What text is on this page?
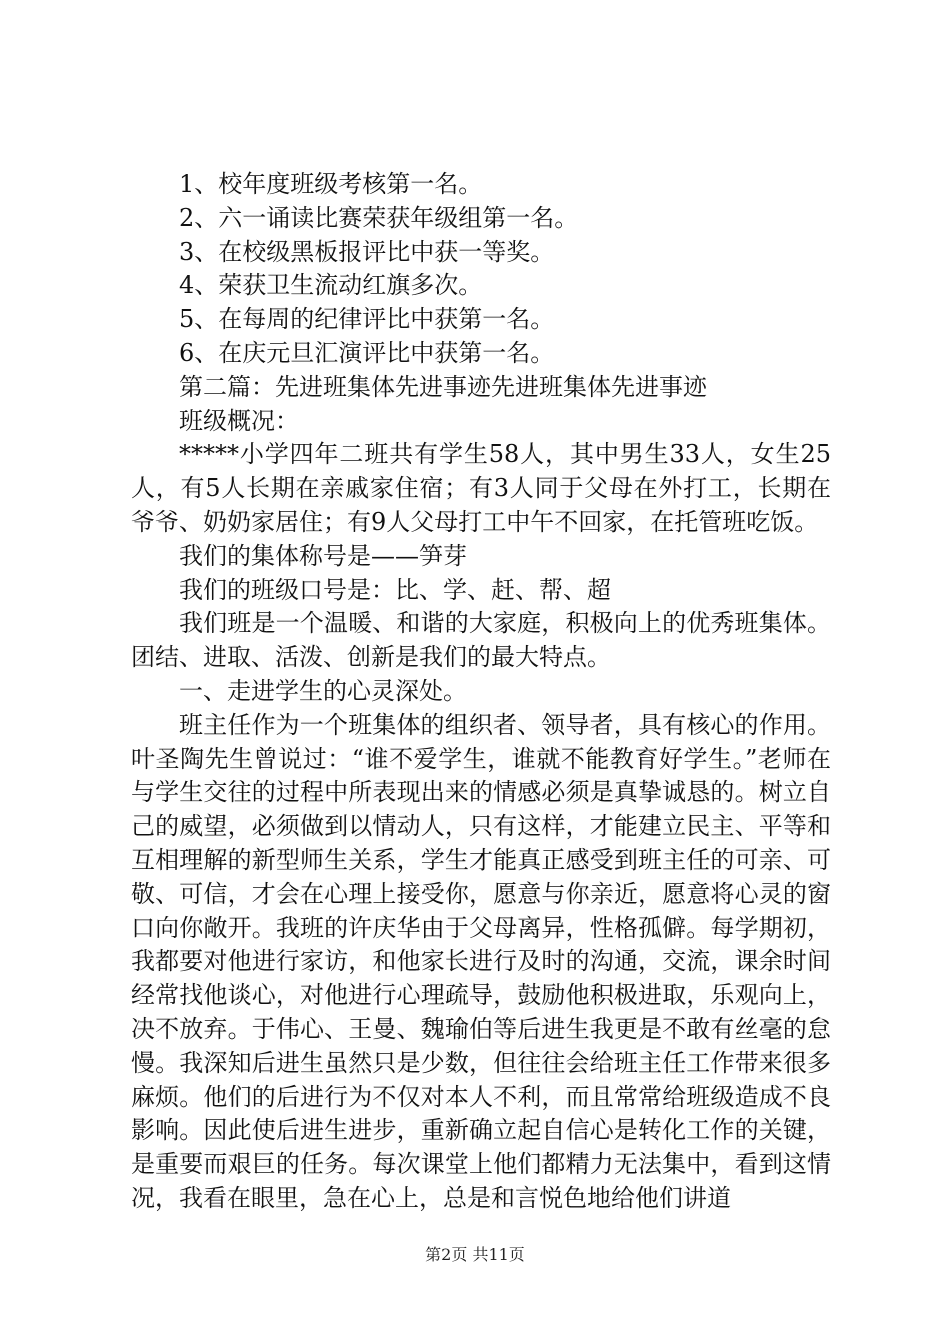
1、校年度班级考核第一名。

2、六一诵读比赛荣获年级组第一名。

3、在校级黑板报评比中获一等奖。

4、荣获卫生流动红旗多次。

5、在每周的纪律评比中获第一名。

6、在庆元旦汇演评比中获第一名。

第二篇：先进班集体先进事迹先进班集体先进事迹

班级概况：

*****小学四年二班共有学生58人，其中男生33人，女生25人，有5人长期在亲戚家住宿；有3人同于父母在外打工，长期在爷爷、奶奶家居住；有9人父母打工中午不回家，在托管班吃饭。

我们的集体称号是——笋芽

我们的班级口号是：比、学、赶、帮、超

我们班是一个温暖、和谐的大家庭，积极向上的优秀班集体。团结、进取、活泼、创新是我们的最大特点。

一、走进学生的心灵深处。

班主任作为一个班集体的组织者、领导者，具有核心的作用。叶圣陶先生曾说过：“谁不爱学生，谁就不能教育好学生。”老师在与学生交往的过程中所表现出来的情感必须是真挚诚恳的。树立自己的威望，必须做到以情动人，只有这样，才能建立民主、平等和互相理解的新型师生关系，学生才能真正感受到班主任的可亲、可敬、可信，才会在心理上接受你，愿意与你亲近，愿意将心灵的窗口向你敞开。我班的许庆华由于父母离异，性格孤僻。每学期初，我都要对他进行家访，和他家长进行及时的沟通，交流，课余时间经常找他谈心，对他进行心理疏导，鼓励他积极进取，乐观向上，决不放弃。于伟心、王曼、魏瑜伯等后进生我更是不敢有丝毫的怠慢。我深知后进生虽然只是少数，但往往会给班主任工作带来很多麻烦。他们的后进行为不仅对本人不利，而且常常给班级造成不良影响。因此使后进生进步，重新确立起自信心是转化工作的关键，是重要而艰巨的任务。每次课堂上他们都精力无法集中，看到这情况，我看在眼里，急在心上，总是和言悦色地给他们讲道

第2页 共11页
